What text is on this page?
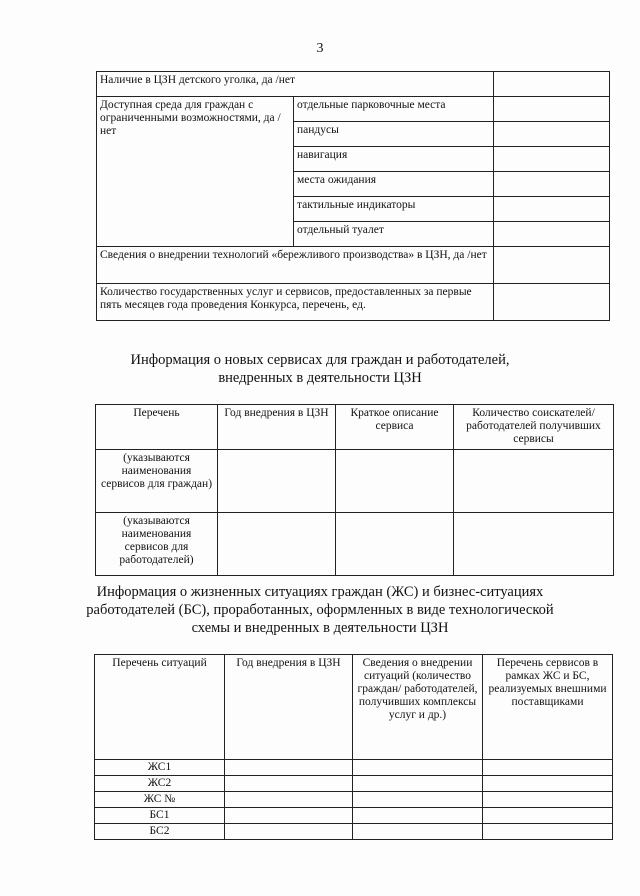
3
Наличие в ЦЗН детского уголка, да /нет		
Доступная среда для граждан с ограниченными возможностями, да /нет	отдельные парковочные места	
	пандусы	
	навигация	
	места ожидания	
	тактильные индикаторы	
	отдельный туалет	
Сведения о внедрении технологий «бережливого производства» в ЦЗН, да /нет		
Количество государственных услуг и сервисов, предоставленных за первые пять месяцев года проведения Конкурса, перечень, ед.		
Информация о новых сервисах для граждан и работодателей,
внедренных в деятельности ЦЗН
Перечень	Год внедрения в ЦЗН	Краткое описание сервиса	Количество соискателей/работодателей получивших сервисы
(указываются наименования сервисов для граждан)			
(указываются наименования сервисов для работодателей)			
Информация о жизненных ситуациях граждан (ЖС) и бизнес-ситуациях
работодателей (БС), проработанных, оформленных в виде технологической
схемы и внедренных в деятельности ЦЗН
Перечень ситуаций	Год внедрения в ЦЗН	Сведения о внедрении ситуаций (количество граждан/ работодателей, получивших комплексы услуг и др.)	Перечень сервисов в рамках ЖС и БС, реализуемых внешними поставщиками
ЖС1			
ЖС2			
ЖС №			
БС1			
БС2			
